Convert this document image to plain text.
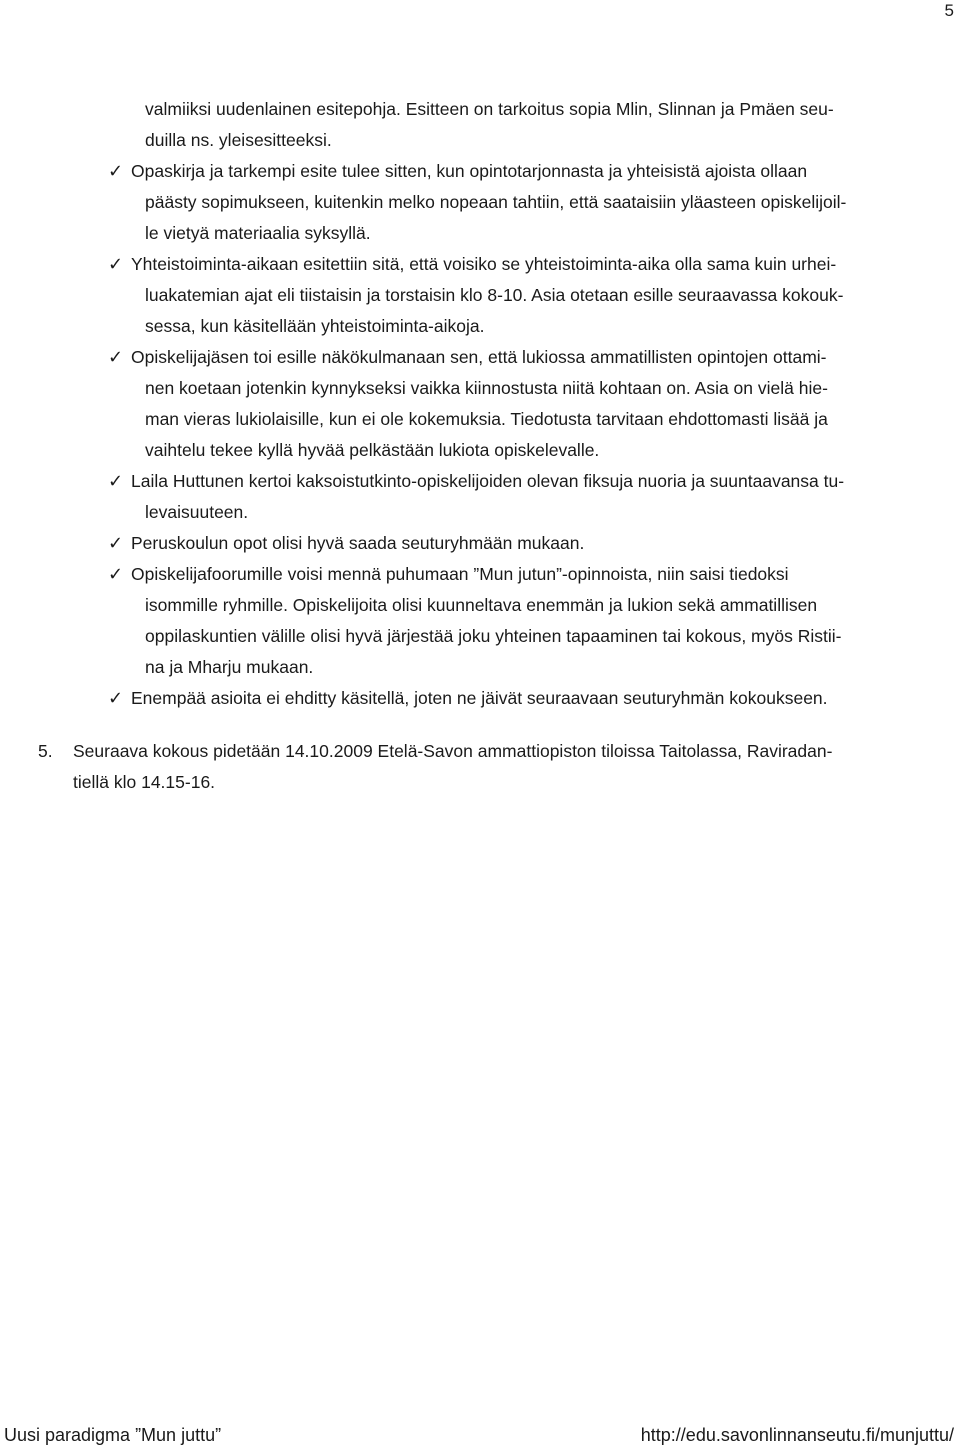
5
valmiiksi uudenlainen esitepohja. Esitteen on tarkoitus sopia Mlin, Slinnan ja Pmäen seu-
duilla ns. yleisesitteeksi.
✓ Opaskirja ja tarkempi esite tulee sitten, kun opintotarjonnasta ja yhteisistä ajoista ollaan
päästy sopimukseen, kuitenkin melko nopeaan tahtiin, että saataisiin yläasteen opiskelijoil-
le vietyä materiaalia syksyllä.
✓ Yhteistoiminta-aikaan esitettiin sitä, että voisiko se yhteistoiminta-aika olla sama kuin urhei-
luakatemian ajat eli tiistaisin ja torstaisin klo 8-10. Asia otetaan esille seuraavassa kokouk-
sessa, kun käsitellään yhteistoiminta-aikoja.
✓ Opiskelijajäsen toi esille näkökulmanaan sen, että lukiossa ammatillisten opintojen ottami-
nen koetaan jotenkin kynnykseksi vaikka kiinnostusta niitä kohtaan on. Asia on vielä hie-
man vieras lukiolaisille, kun ei ole kokemuksia. Tiedotusta tarvitaan ehdottomasti lisää ja
vaihtelu tekee kyllä hyvää pelkästään lukiota opiskelevalle.
✓ Laila Huttunen kertoi kaksoistutkinto-opiskelijoiden olevan fiksuja nuoria ja suuntaavansa tu-
levaisuuteen.
✓ Peruskoulun opot olisi hyvä saada seuturyhmään mukaan.
✓ Opiskelijafoorumille voisi mennä puhumaan ”Mun jutun”-opinnoista, niin saisi tiedoksi
isommille ryhmille. Opiskelijoita olisi kuunneltava enemmän ja lukion sekä ammatillisen
oppilaskuntien välille olisi hyvä järjestää joku yhteinen tapaaminen tai kokous, myös Ristii-
na ja Mharju mukaan.
✓ Enempää asioita ei ehditty käsitellä, joten ne jäivät seuraavaan seuturyhmän kokoukseen.
5. Seuraava kokous pidetään 14.10.2009 Etelä-Savon ammattiopiston tiloissa Taitolassa, Raviradan-
tiellä klo 14.15-16.
Uusi paradigma ”Mun juttu”	http://edu.savonlinnanseutu.fi/munjuttu/
